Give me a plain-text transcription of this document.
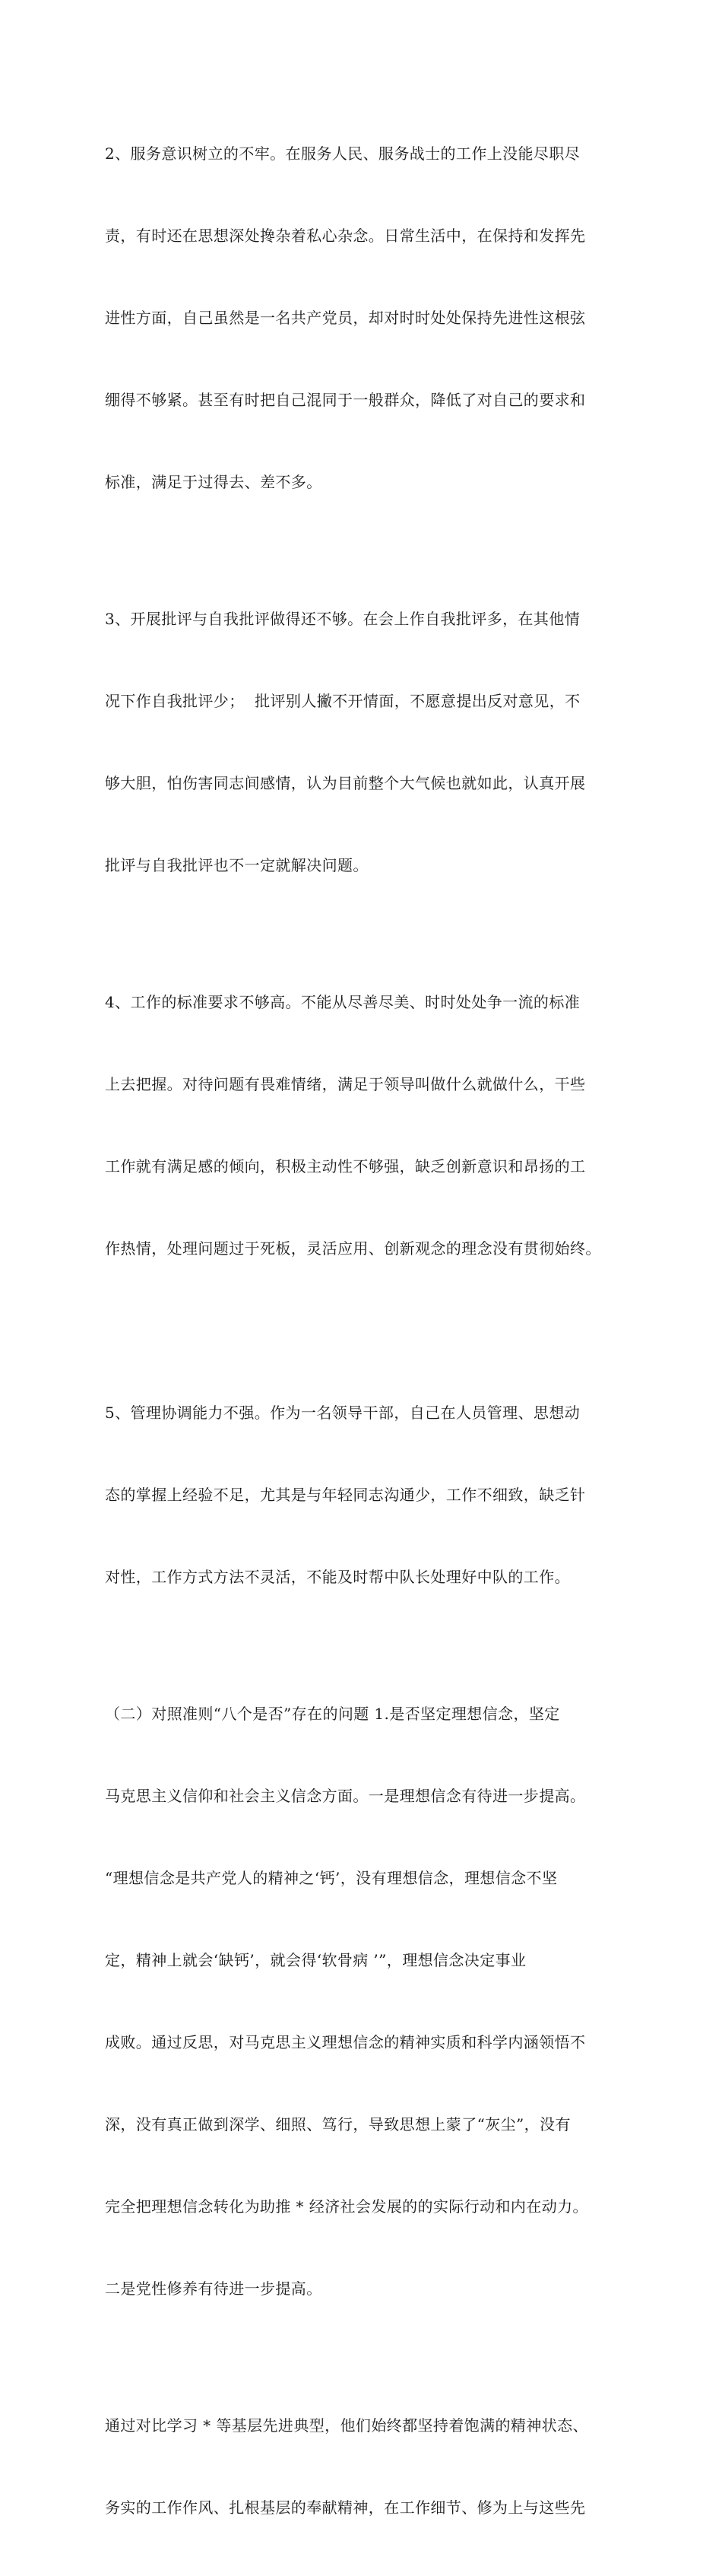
2、服务意识树立的不牢。在服务人民、服务战士的工作上没能尽职尽

责，有时还在思想深处搀杂着私心杂念。日常生活中，在保持和发挥先

进性方面，自己虽然是一名共产党员，却对时时处处保持先进性这根弦

绷得不够紧。甚至有时把自己混同于一般群众，降低了对自己的要求和

标准，满足于过得去、差不多。

3、开展批评与自我批评做得还不够。在会上作自我批评多，在其他情

况下作自我批评少；  批评别人撇不开情面，不愿意提出反对意见，不

够大胆，怕伤害同志间感情，认为目前整个大气候也就如此，认真开展

批评与自我批评也不一定就解决问题。

4、工作的标准要求不够高。不能从尽善尽美、时时处处争一流的标准

上去把握。对待问题有畏难情绪，满足于领导叫做什么就做什么，干些

工作就有满足感的倾向，积极主动性不够强，缺乏创新意识和昂扬的工

作热情，处理问题过于死板，灵活应用、创新观念的理念没有贯彻始终。

5、管理协调能力不强。作为一名领导干部，自己在人员管理、思想动

态的掌握上经验不足，尤其是与年轻同志沟通少，工作不细致，缺乏针

对性，工作方式方法不灵活，不能及时帮中队长处理好中队的工作。

（二）对照准则“八个是否”存在的问题 1.是否坚定理想信念，坚定

马克思主义信仰和社会主义信念方面。一是理想信念有待进一步提高。

“理想信念是共产党人的精神之‘钙’，没有理想信念，理想信念不坚

定，精神上就会‘缺钙’，就会得‘软骨病 ’”，理想信念决定事业

成败。通过反思，对马克思主义理想信念的精神实质和科学内涵领悟不

深，没有真正做到深学、细照、笃行，导致思想上蒙了“灰尘”，没有

完全把理想信念转化为助推 * 经济社会发展的的实际行动和内在动力。

二是党性修养有待进一步提高。

通过对比学习 * 等基层先进典型，他们始终都坚持着饱满的精神状态、

务实的工作作风、扎根基层的奉献精神，在工作细节、修为上与这些先
